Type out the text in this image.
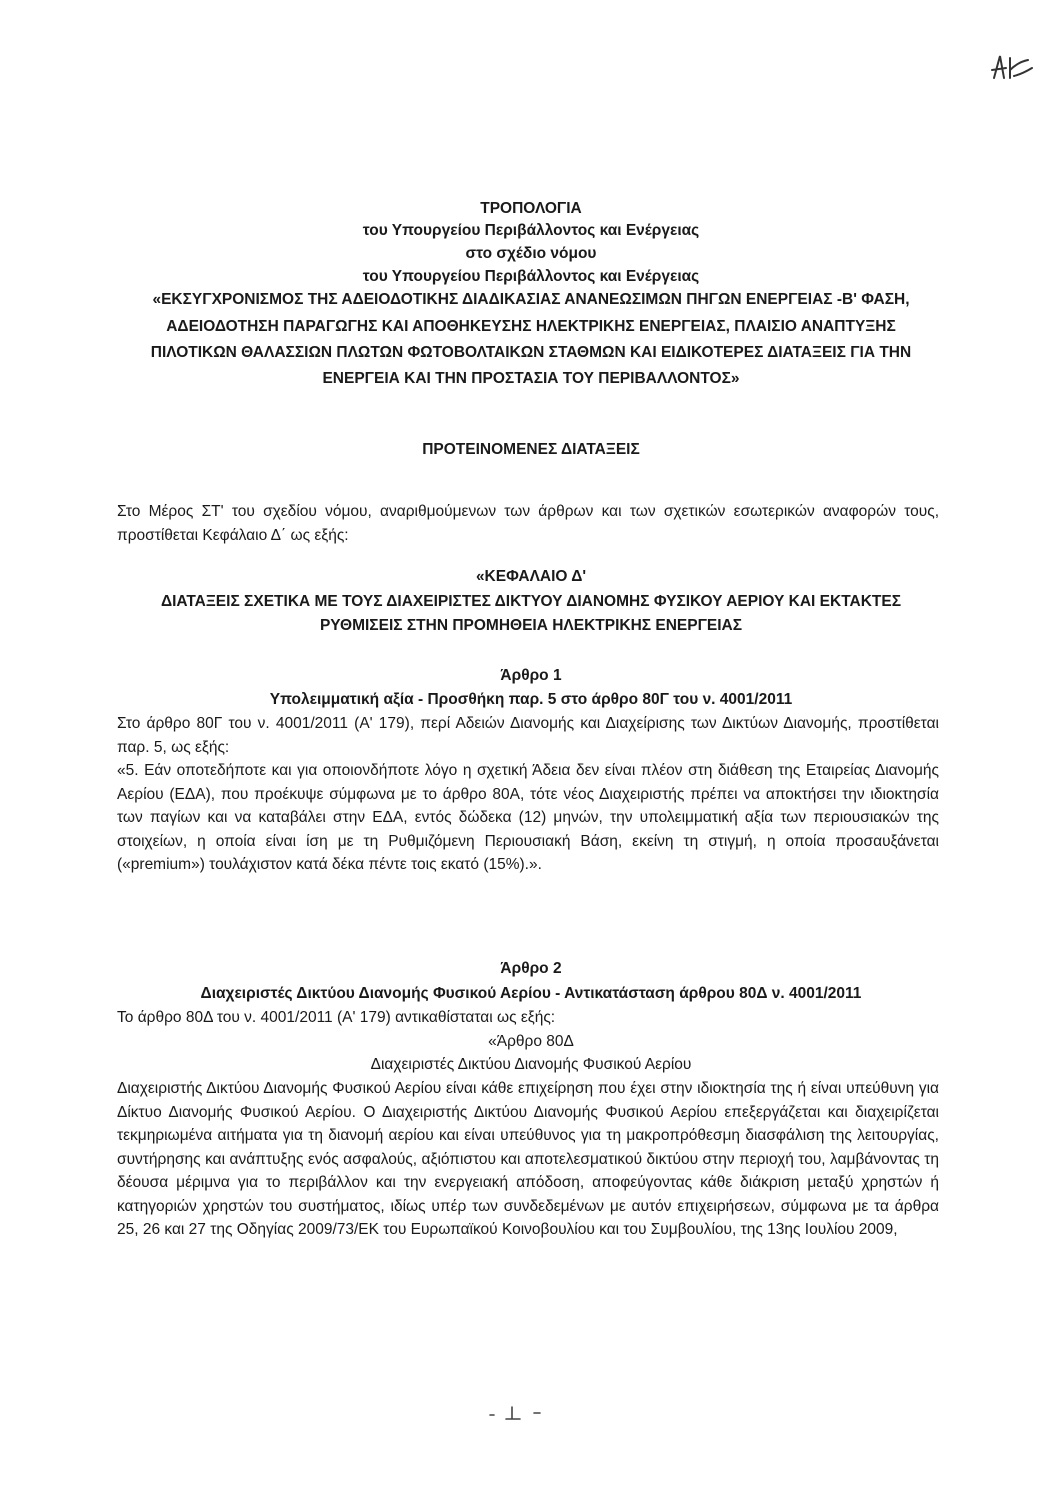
ΤΡΟΠΟΛΟΓΙΑ
του Υπουργείου Περιβάλλοντος και Ενέργειας
στο σχέδιο νόμου
του Υπουργείου Περιβάλλοντος και Ενέργειας
«ΕΚΣΥΓΧΡΟΝΙΣΜΟΣ ΤΗΣ ΑΔΕΙΟΔΟΤΙΚΗΣ ΔΙΑΔΙΚΑΣΙΑΣ ΑΝΑΝΕΩΣΙΜΩΝ ΠΗΓΩΝ ΕΝΕΡΓΕΙΑΣ -Β' ΦΑΣΗ,
ΑΔΕΙΟΔΟΤΗΣΗ ΠΑΡΑΓΩΓΗΣ ΚΑΙ ΑΠΟΘΗΚΕΥΣΗΣ ΗΛΕΚΤΡΙΚΗΣ ΕΝΕΡΓΕΙΑΣ, ΠΛΑΙΣΙΟ ΑΝΑΠΤΥΞΗΣ
ΠΙΛΟΤΙΚΩΝ ΘΑΛΑΣΣΙΩΝ ΠΛΩΤΩΝ ΦΩΤΟΒΟΛΤΑΙΚΩΝ ΣΤΑΘΜΩΝ ΚΑΙ ΕΙΔΙΚΟΤΕΡΕΣ ΔΙΑΤΑΞΕΙΣ ΓΙΑ ΤΗΝ
ΕΝΕΡΓΕΙΑ ΚΑΙ ΤΗΝ ΠΡΟΣΤΑΣΙΑ ΤΟΥ ΠΕΡΙΒΑΛΛΟΝΤΟΣ»
ΠΡΟΤΕΙΝΟΜΕΝΕΣ ΔΙΑΤΑΞΕΙΣ

Στο Μέρος ΣΤ' του σχεδίου νόμου, αναριθμούμενων των άρθρων και των σχετικών εσωτερικών αναφορών τους, προστίθεται Κεφάλαιο Δ΄ ως εξής:

«ΚΕΦΑΛΑΙΟ Δ'
ΔΙΑΤΑΞΕΙΣ ΣΧΕΤΙΚΑ ΜΕ ΤΟΥΣ ΔΙΑΧΕΙΡΙΣΤΕΣ ΔΙΚΤΥΟΥ ΔΙΑΝΟΜΗΣ ΦΥΣΙΚΟΥ ΑΕΡΙΟΥ ΚΑΙ ΕΚΤΑΚΤΕΣ
ΡΥΘΜΙΣΕΙΣ ΣΤΗΝ ΠΡΟΜΗΘΕΙΑ ΗΛΕΚΤΡΙΚΗΣ ΕΝΕΡΓΕΙΑΣ
Άρθρο 1
Υπολειμματική αξία - Προσθήκη παρ. 5 στο άρθρο 80Γ του ν. 4001/2011

Στο άρθρο 80Γ του ν. 4001/2011 (Α' 179), περί Αδειών Διανομής και Διαχείρισης των Δικτύων Διανομής, προστίθεται παρ. 5, ως εξής:

«5. Εάν οποτεδήποτε και για οποιονδήποτε λόγο η σχετική Άδεια δεν είναι πλέον στη διάθεση της Εταιρείας Διανομής Αερίου (ΕΔΑ), που προέκυψε σύμφωνα με το άρθρο 80Α, τότε νέος Διαχειριστής πρέπει να αποκτήσει την ιδιοκτησία των παγίων και να καταβάλει στην ΕΔΑ, εντός δώδεκα (12) μηνών, την υπολειμματική αξία των περιουσιακών της στοιχείων, η οποία είναι ίση με τη Ρυθμιζόμενη Περιουσιακή Βάση, εκείνη τη στιγμή, η οποία προσαυξάνεται («premium») τουλάχιστον κατά δέκα πέντε τοις εκατό (15%).».

Άρθρο 2
Διαχειριστές Δικτύου Διανομής Φυσικού Αερίου - Αντικατάσταση άρθρου 80Δ ν. 4001/2011

Το άρθρο 80Δ του ν. 4001/2011 (Α' 179) αντικαθίσταται ως εξής:

«Άρθρο 80Δ
Διαχειριστές Δικτύου Διανομής Φυσικού Αερίου

Διαχειριστής Δικτύου Διανομής Φυσικού Αερίου είναι κάθε επιχείρηση που έχει στην ιδιοκτησία της ή είναι υπεύθυνη για Δίκτυο Διανομής Φυσικού Αερίου. Ο Διαχειριστής Δικτύου Διανομής Φυσικού Αερίου επεξεργάζεται και διαχειρίζεται τεκμηριωμένα αιτήματα για τη διανομή αερίου και είναι υπεύθυνος για τη μακροπρόθεσμη διασφάλιση της λειτουργίας, συντήρησης και ανάπτυξης ενός ασφαλούς, αξιόπιστου και αποτελεσματικού δικτύου στην περιοχή του, λαμβάνοντας τη δέουσα μέριμνα για το περιβάλλον και την ενεργειακή απόδοση, αποφεύγοντας κάθε διάκριση μεταξύ χρηστών ή κατηγοριών χρηστών του συστήματος, ιδίως υπέρ των συνδεδεμένων με αυτόν επιχειρήσεων, σύμφωνα με τα άρθρα 25, 26 και 27 της Οδηγίας 2009/73/ΕΚ του Ευρωπαϊκού Κοινοβουλίου και του Συμβουλίου, της 13ης Ιουλίου 2009,
